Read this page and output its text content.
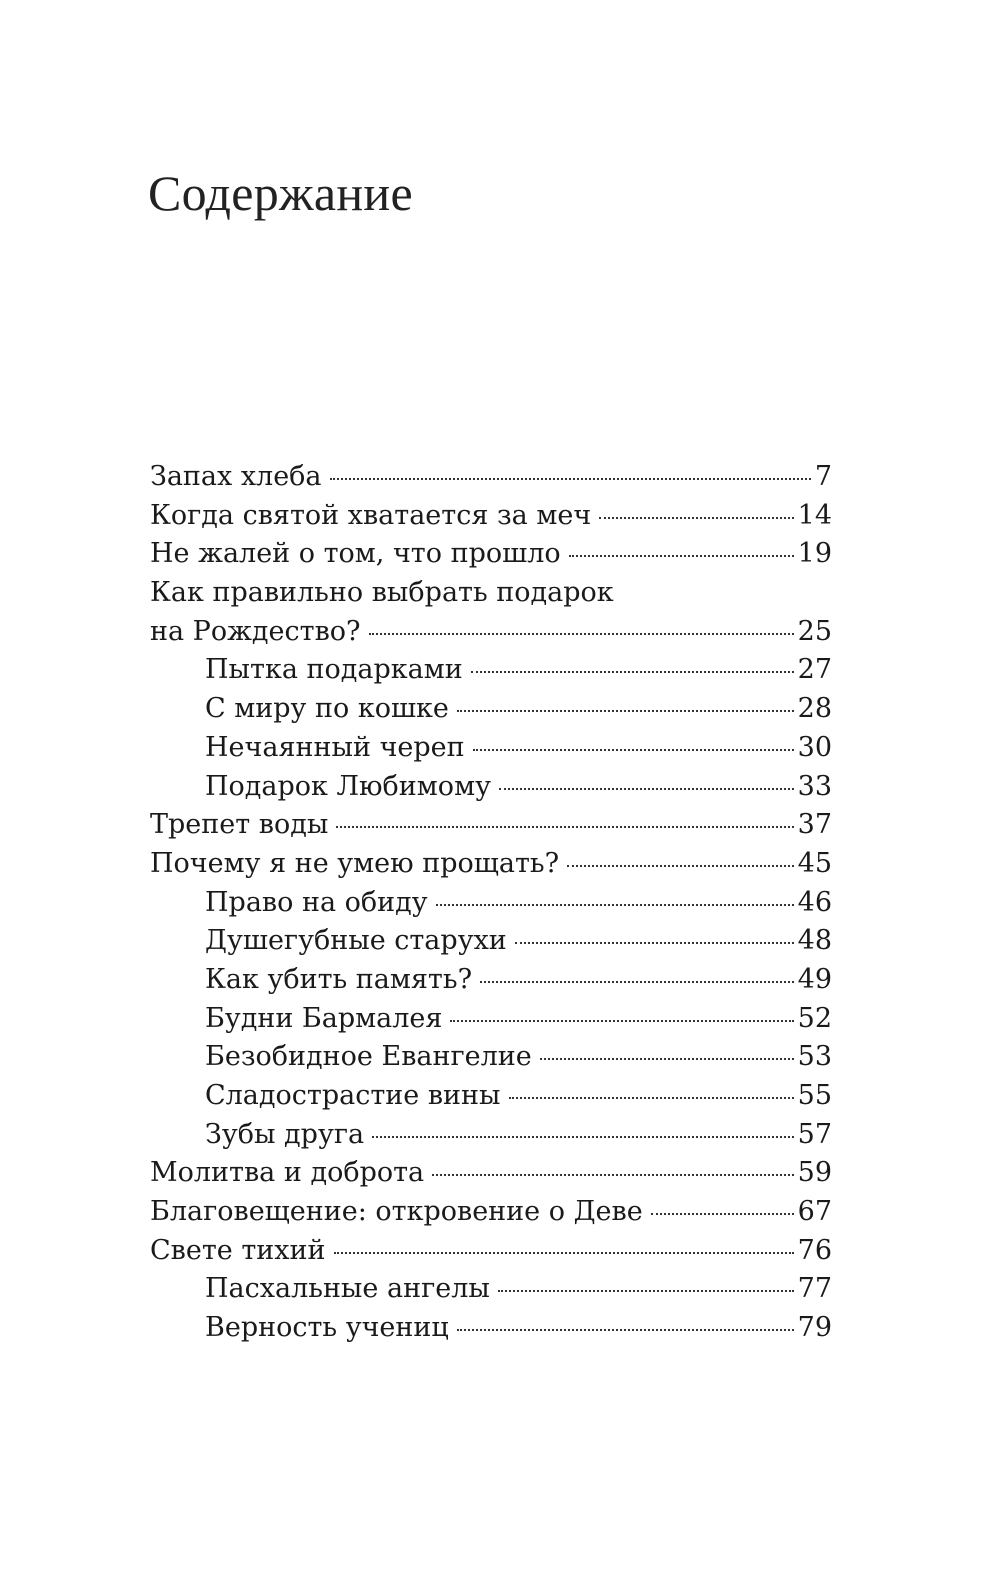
Содержание
Запах хлеба	7
Когда святой хватается за меч	14
Не жалей о том, что прошло	19
Как правильно выбрать подарок
на Рождество?	25
Пытка подарками	27
С миру по кошке	28
Нечаянный череп	30
Подарок Любимому	33
Трепет воды	37
Почему я не умею прощать?	45
Право на обиду	46
Душегубные старухи	48
Как убить память?	49
Будни Бармалея	52
Безобидное Евангелие	53
Сладострастие вины	55
Зубы друга	57
Молитва и доброта	59
Благовещение: откровение о Деве	67
Свете тихий	76
Пасхальные ангелы	77
Верность учениц	79
